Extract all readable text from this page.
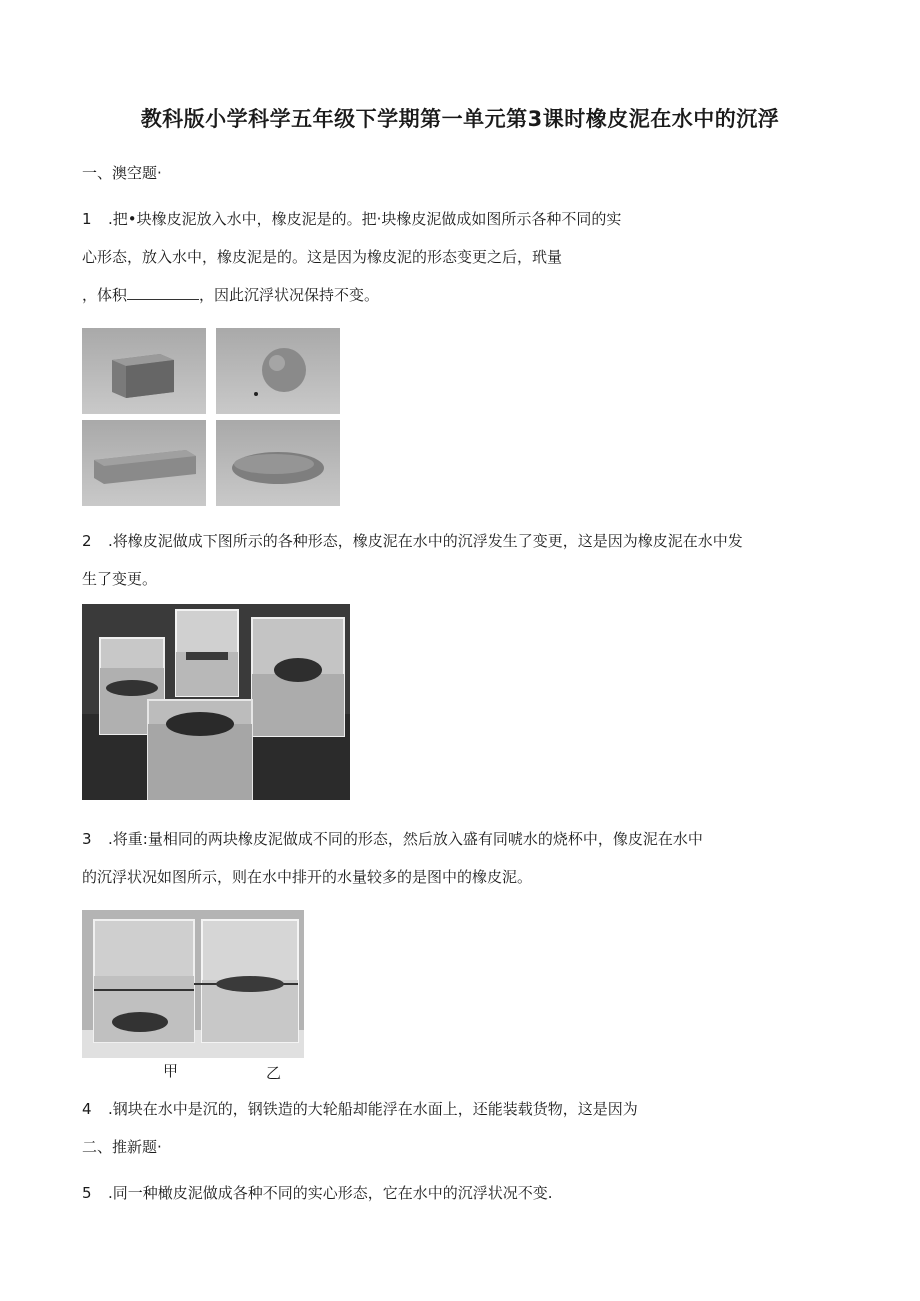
教科版小学科学五年级下学期第一单元第3课时橡皮泥在水中的沉浮
一、澳空题·
1 .把•块橡皮泥放入水中，橡皮泥是的。把·块橡皮泥做成如图所示各种不同的实
心形态，放入水中，橡皮泥是的。这是因为橡皮泥的形态变更之后，玳量
，体积	，因此沉浮状况保持不变。
2 .将橡皮泥做成下图所示的各种形态，橡皮泥在水中的沉浮发生了变更，这是因为橡皮泥在水中发
生了变更。
3 .将重:量相同的两块橡皮泥做成不同的形态，然后放入盛有同唬水的烧杯中，像皮泥在水中
的沉浮状况如图所示，则在水中排开的水量较多的是图中的橡皮泥。
甲	乙
4 .钢块在水中是沉的，钢铁造的大轮船却能浮在水面上，还能装载货物，这是因为
二、推新题·
5 .同一种橄皮泥做成各种不同的实心形态，它在水中的沉浮状况不变.
